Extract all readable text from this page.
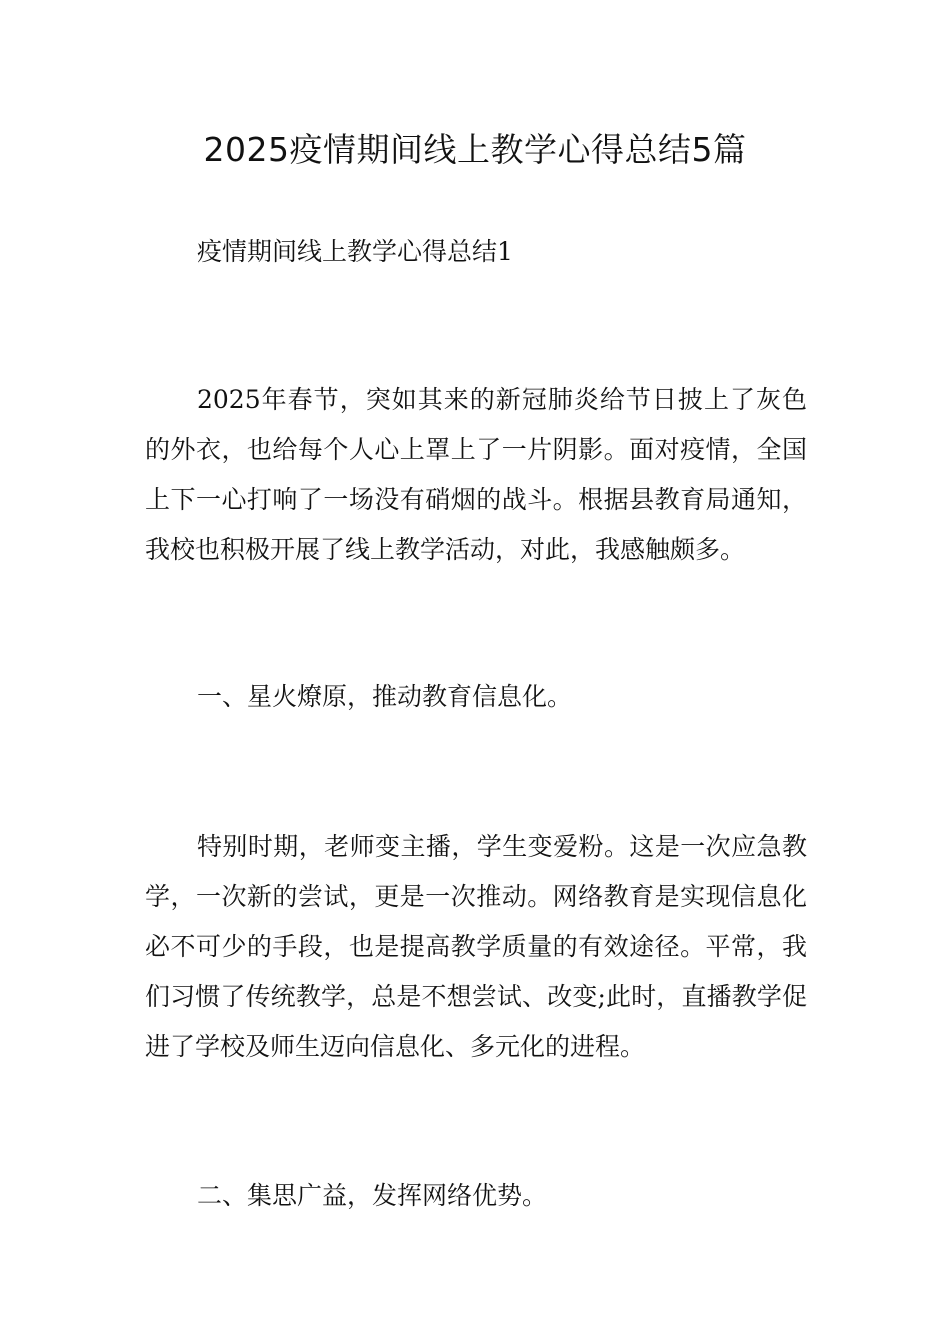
2025疫情期间线上教学心得总结5篇

疫情期间线上教学心得总结1

2025年春节，突如其来的新冠肺炎给节日披上了灰色的外衣，也给每个人心上罩上了一片阴影。面对疫情，全国上下一心打响了一场没有硝烟的战斗。根据县教育局通知，我校也积极开展了线上教学活动，对此，我感触颇多。

一、星火燎原，推动教育信息化。

特别时期，老师变主播，学生变爱粉。这是一次应急教学，一次新的尝试，更是一次推动。网络教育是实现信息化必不可少的手段，也是提高教学质量的有效途径。平常，我们习惯了传统教学，总是不想尝试、改变;此时，直播教学促进了学校及师生迈向信息化、多元化的进程。

二、集思广益，发挥网络优势。
